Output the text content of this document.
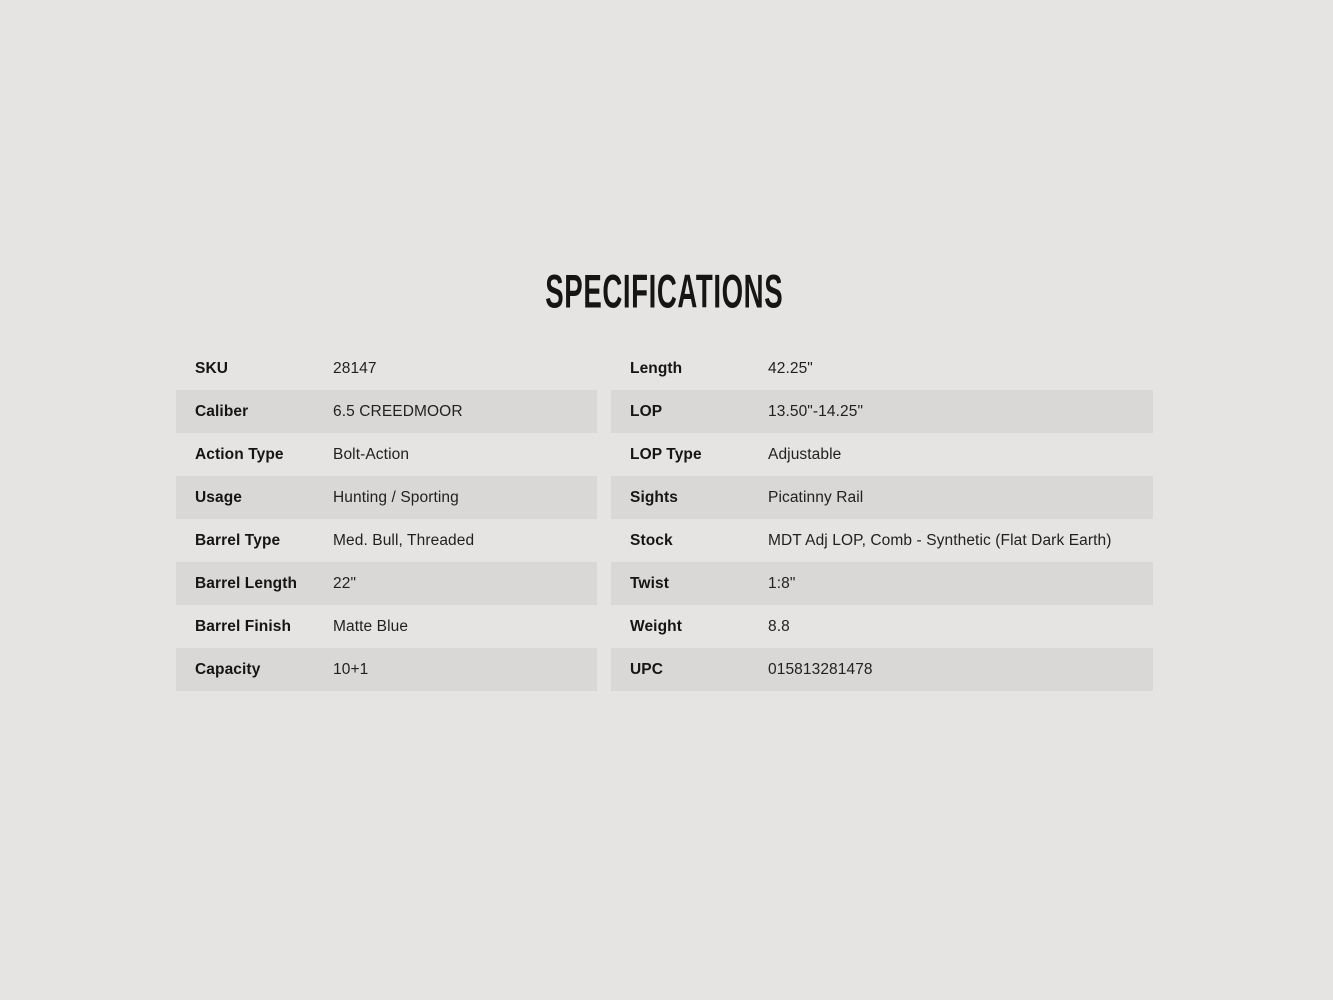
SPECIFICATIONS
SKU	28147
Caliber	6.5 CREEDMOOR
Action Type	Bolt-Action
Usage	Hunting / Sporting
Barrel Type	Med. Bull, Threaded
Barrel Length	22"
Barrel Finish	Matte Blue
Capacity	10+1
Length	42.25"
LOP	13.50"-14.25"
LOP Type	Adjustable
Sights	Picatinny Rail
Stock	MDT Adj LOP, Comb - Synthetic (Flat Dark Earth)
Twist	1:8"
Weight	8.8
UPC	015813281478
